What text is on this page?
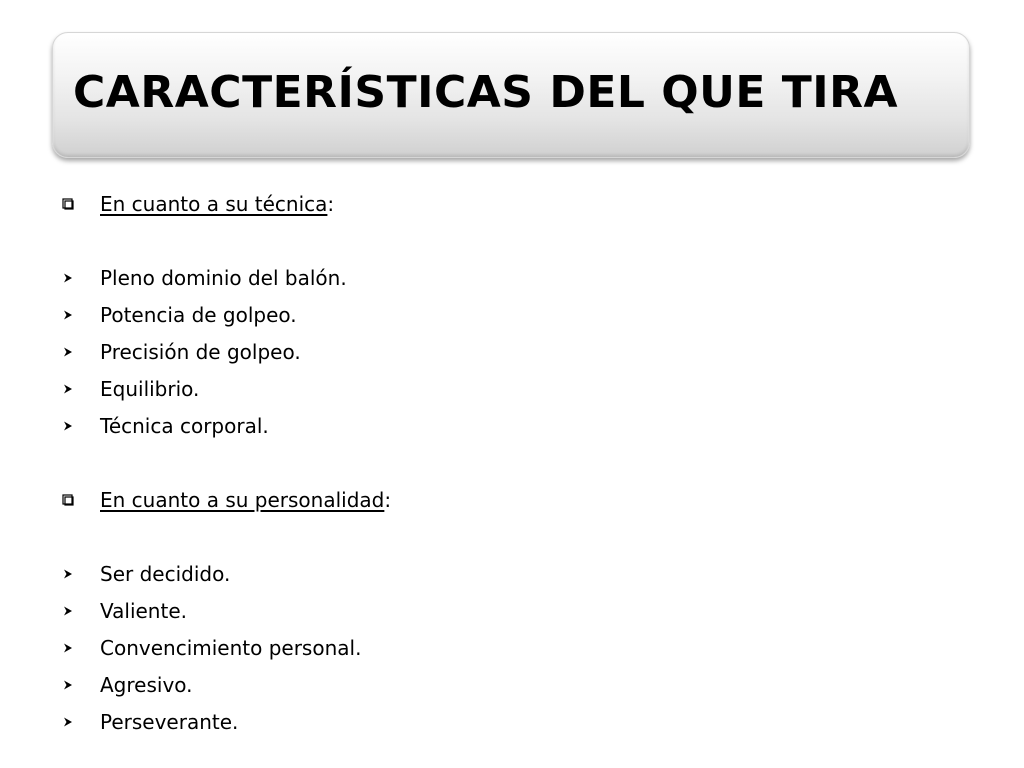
CARACTERÍSTICAS DEL QUE TIRA
En cuanto a su técnica:
Pleno dominio del balón.
Potencia de golpeo.
Precisión de golpeo.
Equilibrio.
Técnica corporal.
En cuanto a su personalidad:
Ser decidido.
Valiente.
Convencimiento personal.
Agresivo.
Perseverante.
